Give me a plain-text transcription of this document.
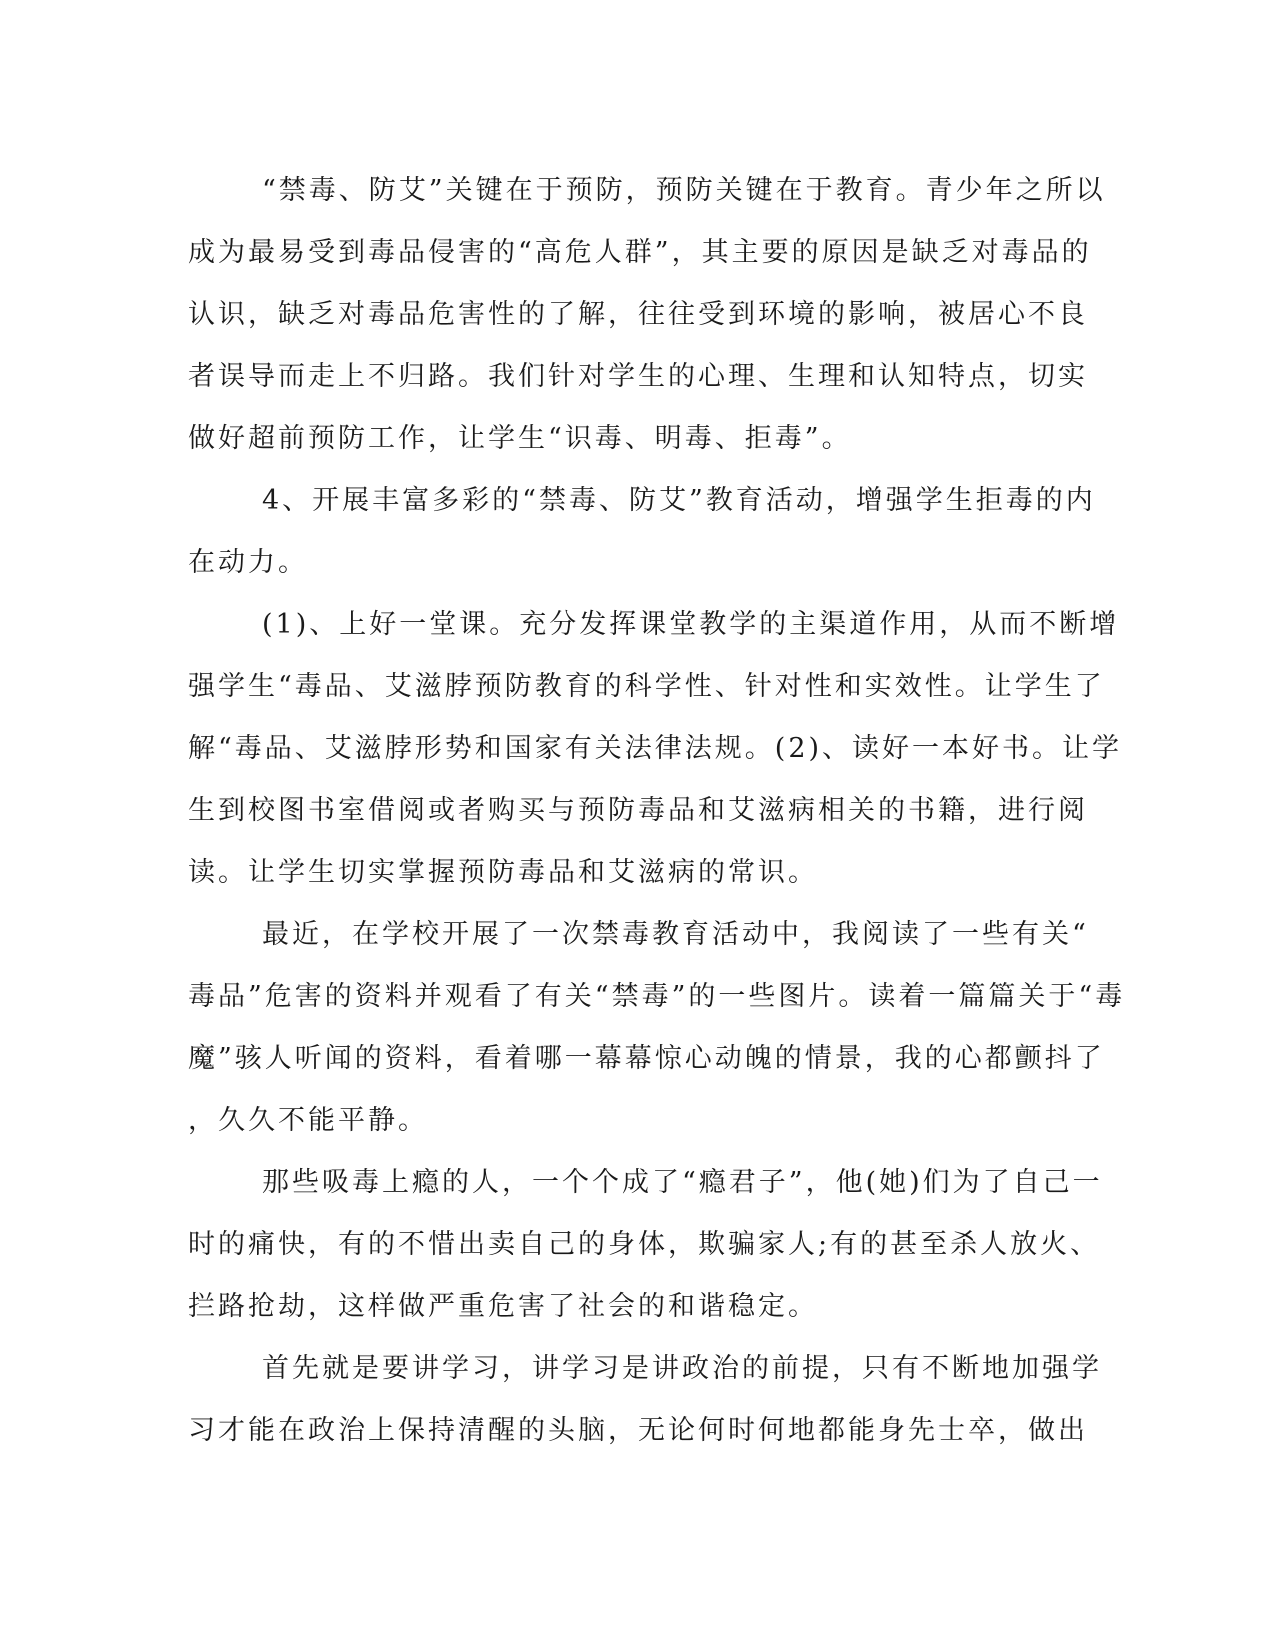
“禁毒、防艾”关键在于预防，预防关键在于教育。青少年之所以
成为最易受到毒品侵害的“高危人群”，其主要的原因是缺乏对毒品的
认识，缺乏对毒品危害性的了解，往往受到环境的影响，被居心不良
者误导而走上不归路。我们针对学生的心理、生理和认知特点，切实
做好超前预防工作，让学生“识毒、明毒、拒毒”。
4、开展丰富多彩的“禁毒、防艾”教育活动，增强学生拒毒的内
在动力。
(1)、上好一堂课。充分发挥课堂教学的主渠道作用，从而不断增
强学生“毒品、艾滋脖预防教育的科学性、针对性和实效性。让学生了
解“毒品、艾滋脖形势和国家有关法律法规。(2)、读好一本好书。让学
生到校图书室借阅或者购买与预防毒品和艾滋病相关的书籍，进行阅
读。让学生切实掌握预防毒品和艾滋病的常识。
最近，在学校开展了一次禁毒教育活动中，我阅读了一些有关“
毒品”危害的资料并观看了有关“禁毒”的一些图片。读着一篇篇关于“毒
魔”骇人听闻的资料，看着哪一幕幕惊心动魄的情景，我的心都颤抖了
，久久不能平静。
那些吸毒上瘾的人，一个个成了“瘾君子”，他(她)们为了自己一
时的痛快，有的不惜出卖自己的身体，欺骗家人;有的甚至杀人放火、
拦路抢劫，这样做严重危害了社会的和谐稳定。
首先就是要讲学习，讲学习是讲政治的前提，只有不断地加强学
习才能在政治上保持清醒的头脑，无论何时何地都能身先士卒，做出
